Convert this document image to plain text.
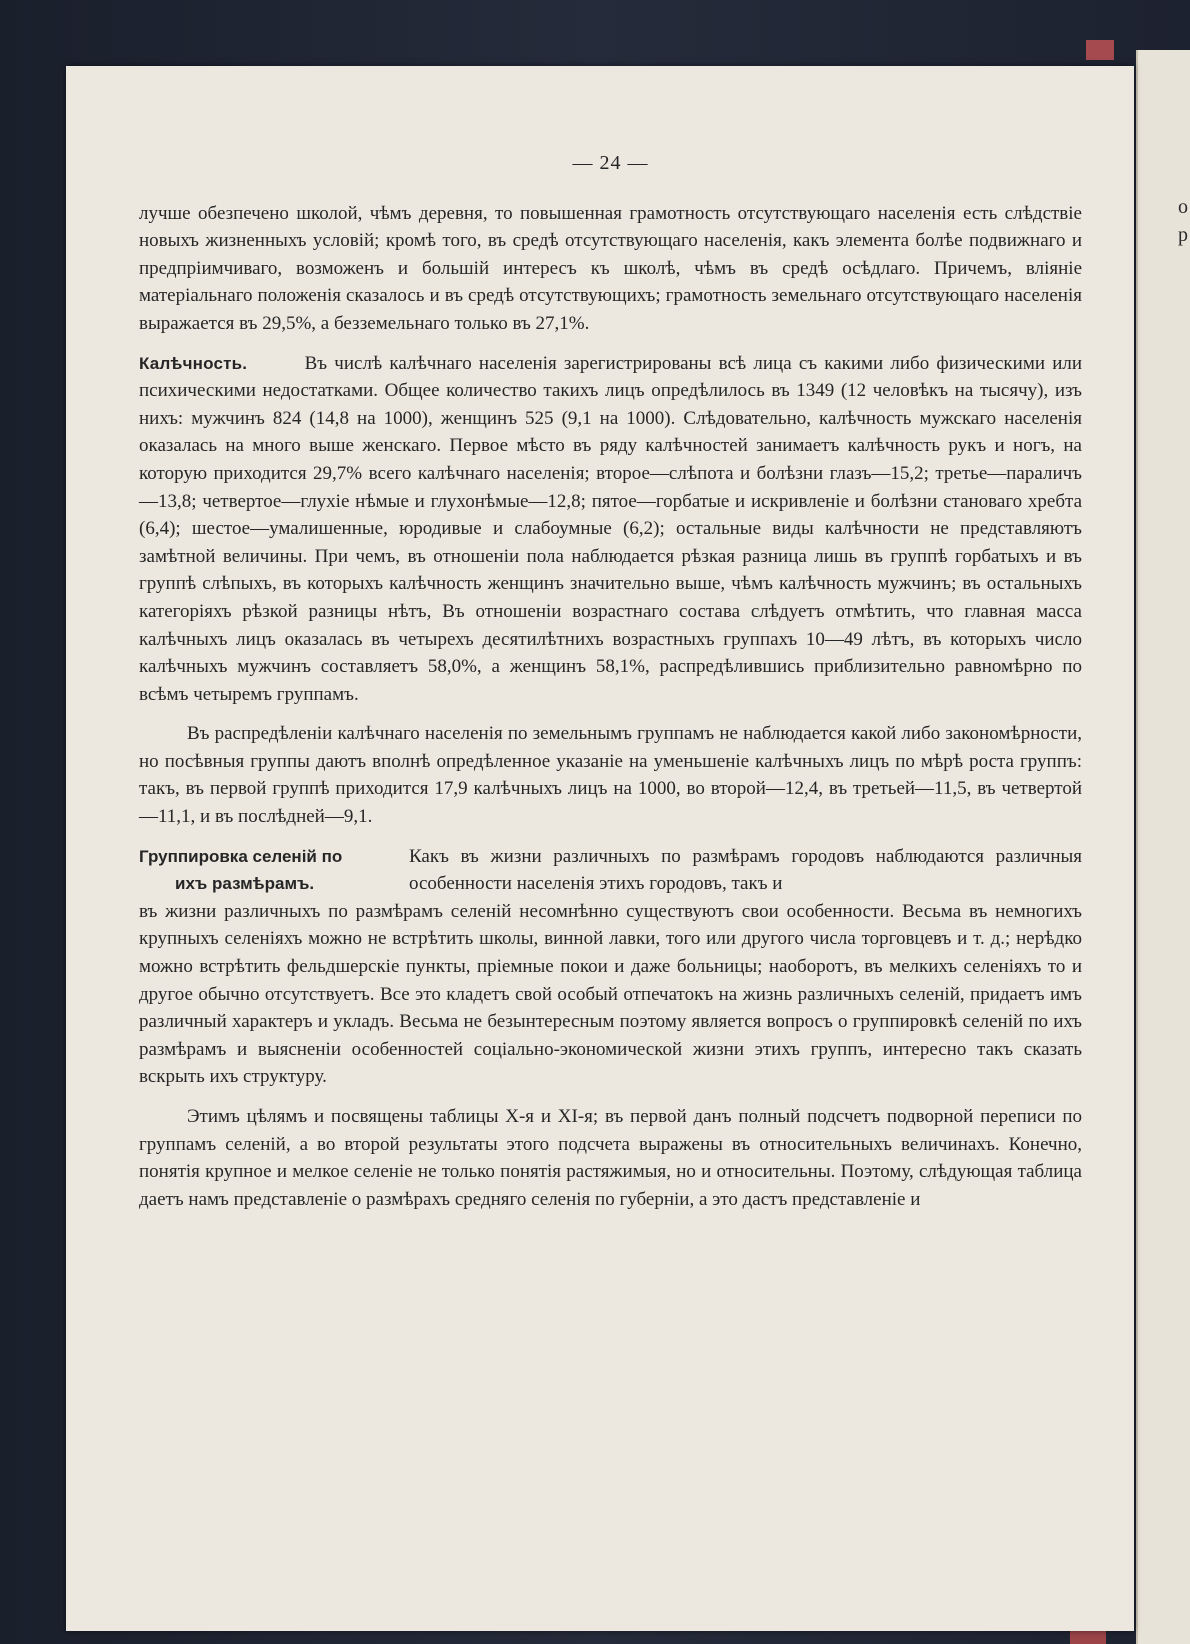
о
р
— 24 —

лучше обезпечено школой, чѣмъ деревня, то повышенная грамотность отсутствующаго населенія есть слѣдствіе новыхъ жизненныхъ условій; кромѣ того, въ средѣ отсутствующаго населенія, какъ элемента болѣе подвижнаго и предпріимчиваго, возможенъ и большій интересъ къ школѣ, чѣмъ въ средѣ осѣдлаго. Причемъ, вліяніе матеріальнаго положенія сказалось и въ средѣ отсутствующихъ; грамотность земельнаго отсутствующаго населенія выражается въ 29,5%, а безземельнаго только въ 27,1%.

Калѣчность.	Въ числѣ калѣчнаго населенія зарегистрированы всѣ лица съ какими либо физическими или психическими недостатками. Общее количество такихъ лицъ опредѣлилось въ 1349 (12 человѣкъ на тысячу), изъ нихъ: мужчинъ 824 (14,8 на 1000), женщинъ 525 (9,1 на 1000). Слѣдовательно, калѣчность мужскаго населенія оказалась на много выше женскаго. Первое мѣсто въ ряду калѣчностей занимаетъ калѣчность рукъ и ногъ, на которую приходится 29,7% всего калѣчнаго населенія; второе—слѣпота и болѣзни глазъ—15,2; третье—параличъ—13,8; четвертое—глухіе нѣмые и глухонѣмые—12,8; пятое—горбатые и искривленіе и болѣзни становаго хребта (6,4); шестое—умалишенные, юродивые и слабоумные (6,2); остальные виды калѣчности не представляютъ замѣтной величины. При чемъ, въ отношеніи пола наблюдается рѣзкая разница лишь въ группѣ горбатыхъ и въ группѣ слѣпыхъ, въ которыхъ калѣчность женщинъ значительно выше, чѣмъ калѣчность мужчинъ; въ остальныхъ категоріяхъ рѣзкой разницы нѣтъ, Въ отношеніи возрастнаго состава слѣдуетъ отмѣтить, что главная масса калѣчныхъ лицъ оказалась въ четырехъ десятилѣтнихъ возрастныхъ группахъ 10—49 лѣтъ, въ которыхъ число калѣчныхъ мужчинъ составляетъ 58,0%, а женщинъ 58,1%, распредѣлившись приблизительно равномѣрно по всѣмъ четыремъ группамъ.

Въ распредѣленіи калѣчнаго населенія по земельнымъ группамъ не наблюдается какой либо закономѣрности, но посѣвныя группы даютъ вполнѣ опредѣленное указаніе на уменьшеніе калѣчныхъ лицъ по мѣрѣ роста группъ: такъ, въ первой группѣ приходится 17,9 калѣчныхъ лицъ на 1000, во второй—12,4, въ третьей—11,5, въ четвертой—11,1, и въ послѣдней—9,1.

Группировка селеній по
ихъ размѣрамъ.
Какъ въ жизни различныхъ по размѣрамъ городовъ наблюдаются различныя особенности населенія этихъ городовъ, такъ и

въ жизни различныхъ по размѣрамъ селеній несомнѣнно существуютъ свои особенности. Весьма въ немногихъ крупныхъ селеніяхъ можно не встрѣтить школы, винной лавки, того или другого числа торговцевъ и т. д.; нерѣдко можно встрѣтить фельдшерскіе пункты, пріемные покои и даже больницы; наоборотъ, въ мелкихъ селеніяхъ то и другое обычно отсутствуетъ. Все это кладетъ свой особый отпечатокъ на жизнь различныхъ селеній, придаетъ имъ различный характеръ и укладъ. Весьма не безынтересным поэтому является вопросъ о группировкѣ селеній по ихъ размѣрамъ и выясненіи особенностей соціально-экономической жизни этихъ группъ, интересно такъ сказать вскрыть ихъ структуру.

Этимъ цѣлямъ и посвящены таблицы X-я и XI-я; въ первой данъ полный подсчетъ подворной переписи по группамъ селеній, а во второй результаты этого подсчета выражены въ относительныхъ величинахъ. Конечно, понятія крупное и мелкое селеніе не только понятія растяжимыя, но и относительны. Поэтому, слѣдующая таблица даетъ намъ представленіе о размѣрахъ средняго селенія по губерніи, а это дастъ представленіе и
